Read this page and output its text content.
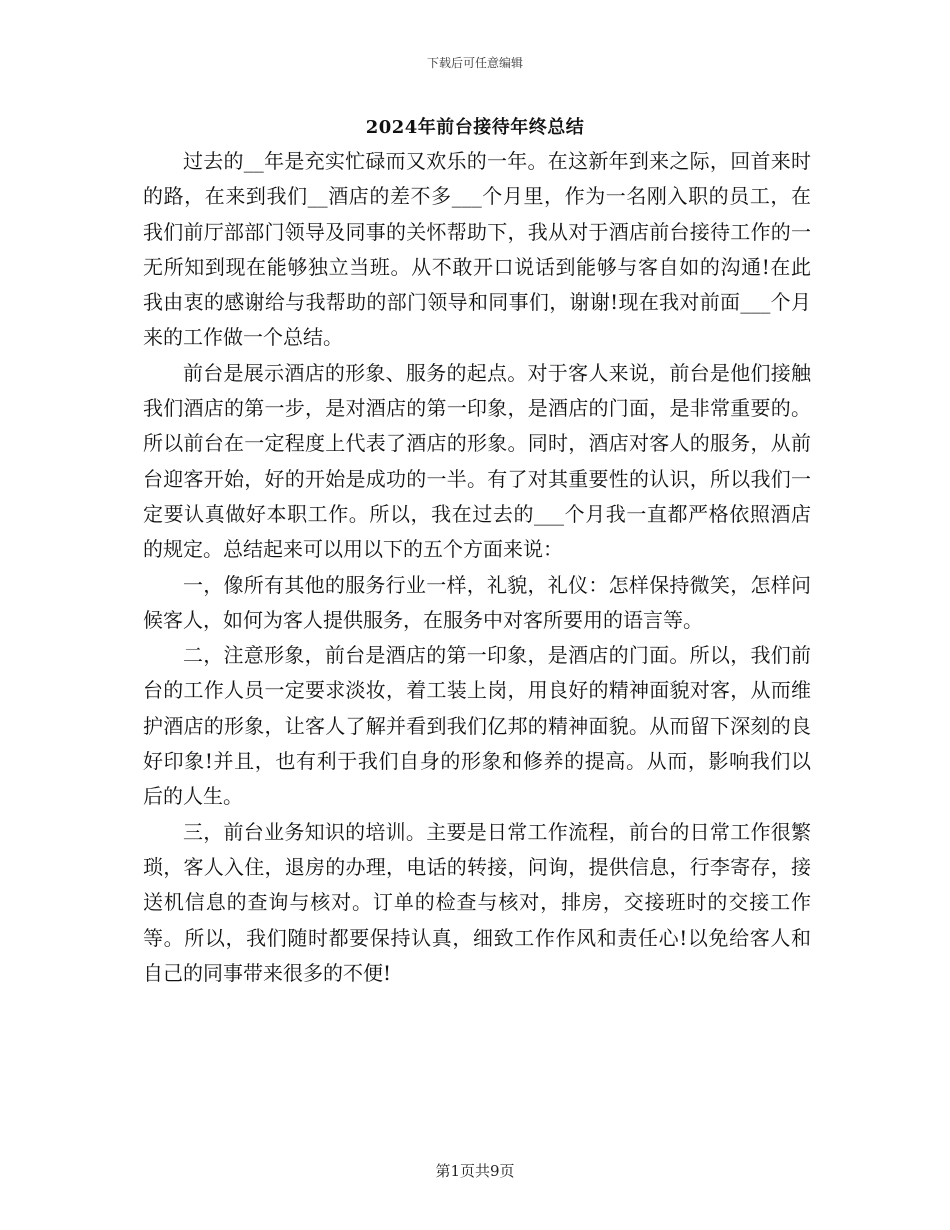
下载后可任意编辑
2024年前台接待年终总结

过去的__年是充实忙碌而又欢乐的一年。在这新年到来之际，回首来时的路，在来到我们__酒店的差不多___个月里，作为一名刚入职的员工，在我们前厅部部门领导及同事的关怀帮助下，我从对于酒店前台接待工作的一无所知到现在能够独立当班。从不敢开口说话到能够与客自如的沟通!在此我由衷的感谢给与我帮助的部门领导和同事们，谢谢!现在我对前面___个月来的工作做一个总结。

前台是展示酒店的形象、服务的起点。对于客人来说，前台是他们接触我们酒店的第一步，是对酒店的第一印象，是酒店的门面，是非常重要的。所以前台在一定程度上代表了酒店的形象。同时，酒店对客人的服务，从前台迎客开始，好的开始是成功的一半。有了对其重要性的认识，所以我们一定要认真做好本职工作。所以，我在过去的___个月我一直都严格依照酒店的规定。总结起来可以用以下的五个方面来说：

一，像所有其他的服务行业一样，礼貌，礼仪：怎样保持微笑，怎样问候客人，如何为客人提供服务，在服务中对客所要用的语言等。

二，注意形象，前台是酒店的第一印象，是酒店的门面。所以，我们前台的工作人员一定要求淡妆，着工装上岗，用良好的精神面貌对客，从而维护酒店的形象，让客人了解并看到我们亿邦的精神面貌。从而留下深刻的良好印象!并且，也有利于我们自身的形象和修养的提高。从而，影响我们以后的人生。

三，前台业务知识的培训。主要是日常工作流程，前台的日常工作很繁琐，客人入住，退房的办理，电话的转接，问询，提供信息，行李寄存，接送机信息的查询与核对。订单的检查与核对，排房，交接班时的交接工作等。所以，我们随时都要保持认真，细致工作作风和责任心!以免给客人和自己的同事带来很多的不便!

第1页共9页
